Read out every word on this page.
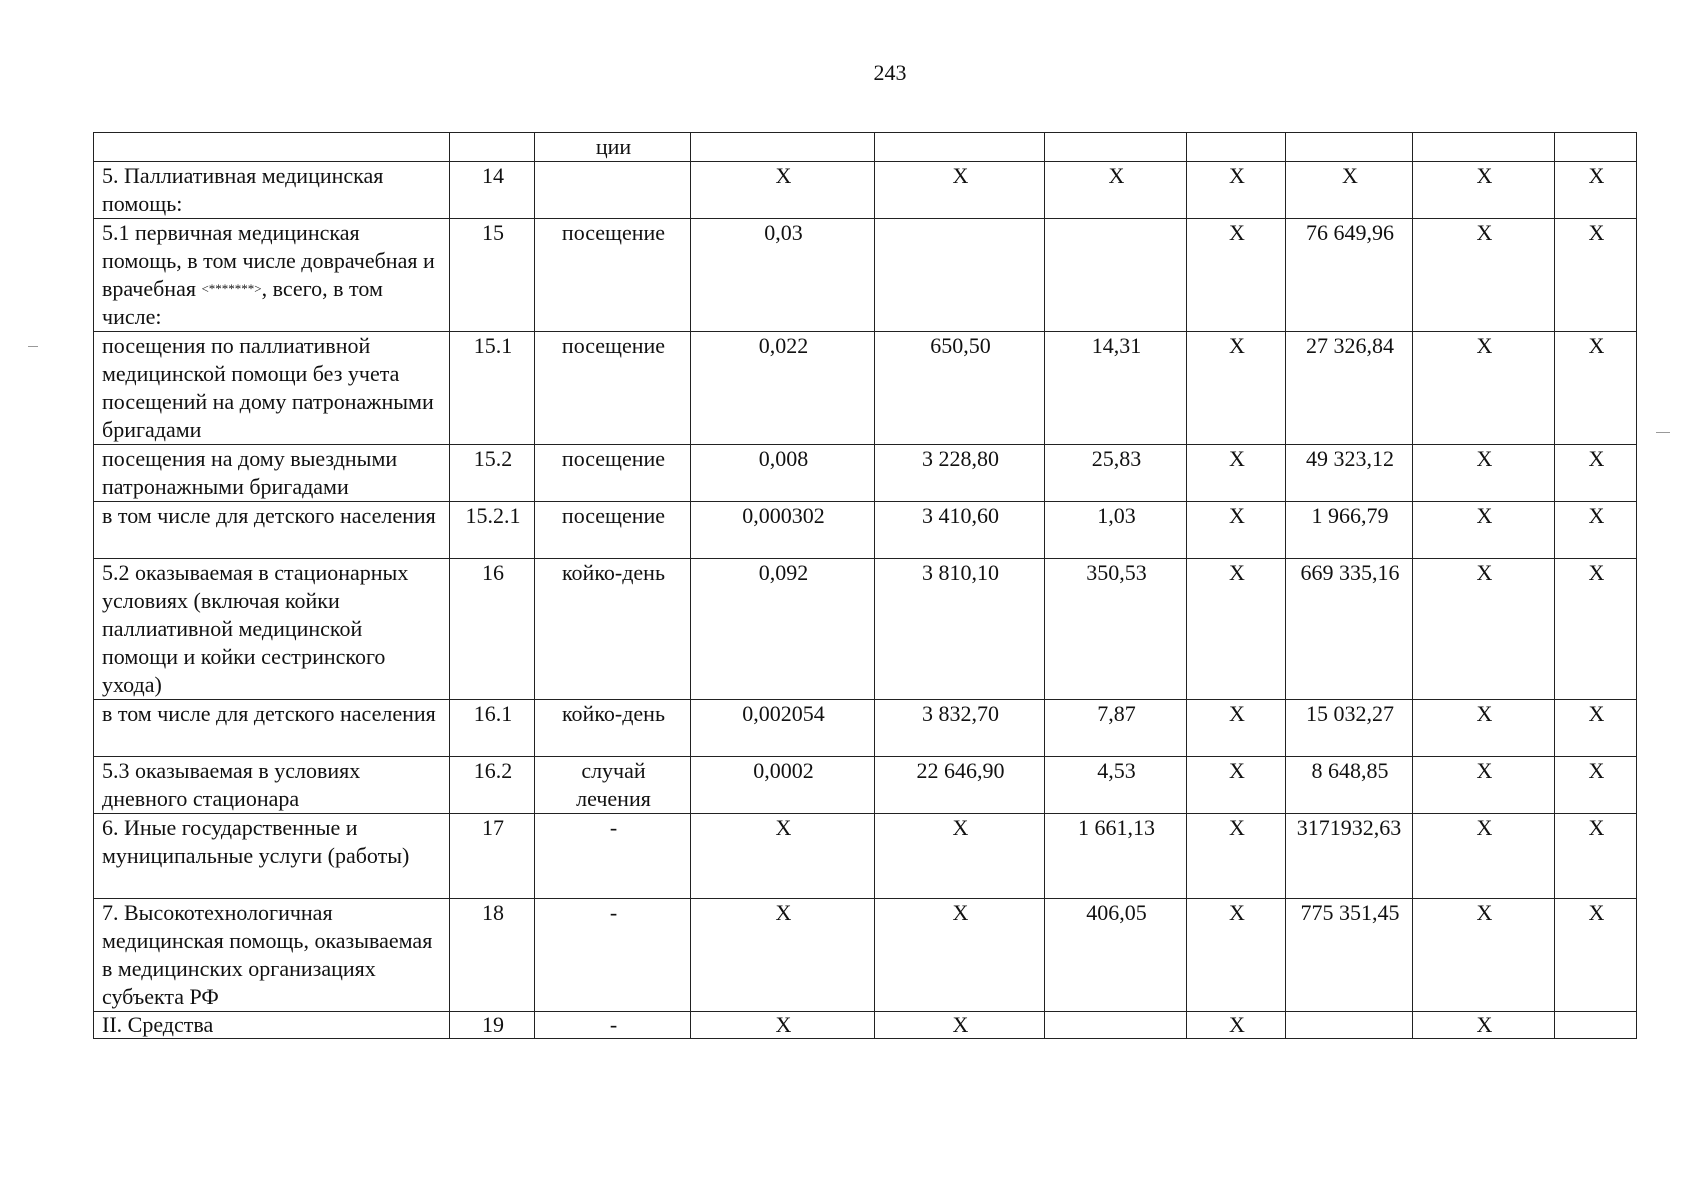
243
		ции							
5. Паллиативная медицинская помощь:	14		X	X	X	X	X	X	X
5.1 первичная медицинская помощь, в том числе доврачебная и врачебная <*******>, всего, в том числе:	15	посещение	0,03			X	76 649,96	X	X
посещения по паллиативной медицинской помощи без учета посещений на дому патронажными бригадами	15.1	посещение	0,022	650,50	14,31	X	27 326,84	X	X
посещения на дому выездными патронажными бригадами	15.2	посещение	0,008	3 228,80	25,83	X	49 323,12	X	X
в том числе для детского населения	15.2.1	посещение	0,000302	3 410,60	1,03	X	1 966,79	X	X
5.2 оказываемая в стационарных условиях (включая койки паллиативной медицинской помощи и койки сестринского ухода)	16	койко-день	0,092	3 810,10	350,53	X	669 335,16	X	X
в том числе для детского населения	16.1	койко-день	0,002054	3 832,70	7,87	X	15 032,27	X	X
5.3 оказываемая в условиях дневного стационара	16.2	случай лечения	0,0002	22 646,90	4,53	X	8 648,85	X	X
6. Иные государственные и муниципальные услуги (работы)	17	-	X	X	1 661,13	X	3171932,63	X	X
7. Высокотехнологичная медицинская помощь, оказываемая в медицинских организациях субъекта РФ	18	-	X	X	406,05	X	775 351,45	X	X
II. Средства	19	-	X	X		X		X	
